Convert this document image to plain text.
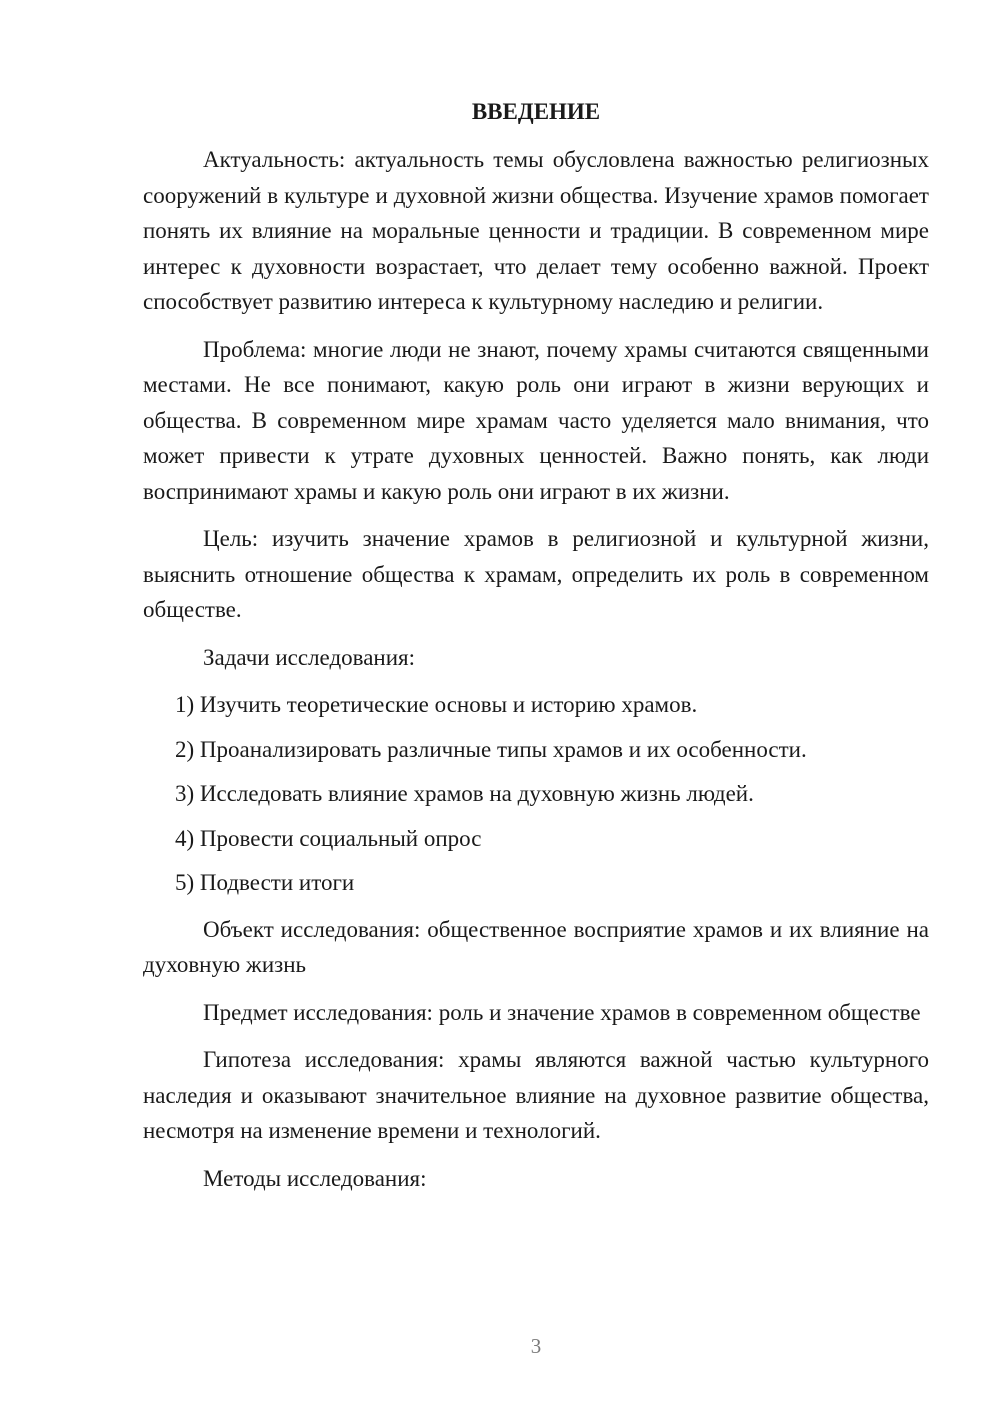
ВВЕДЕНИЕ

Актуальность: актуальность темы обусловлена важностью религиозных сооружений в культуре и духовной жизни общества. Изучение храмов помогает понять их влияние на моральные ценности и традиции. В современном мире интерес к духовности возрастает, что делает тему особенно важной. Проект способствует развитию интереса к культурному наследию и религии.

Проблема: многие люди не знают, почему храмы считаются священными местами. Не все понимают, какую роль они играют в жизни верующих и общества. В современном мире храмам часто уделяется мало внимания, что может привести к утрате духовных ценностей. Важно понять, как люди воспринимают храмы и какую роль они играют в их жизни.

Цель: изучить значение храмов в религиозной и культурной жизни, выяснить отношение общества к храмам, определить их роль в современном обществе.

Задачи исследования:

1) Изучить теоретические основы и историю храмов.

2) Проанализировать различные типы храмов и их особенности.

3) Исследовать влияние храмов на духовную жизнь людей.

4) Провести социальный опрос

5) Подвести итоги

Объект исследования: общественное восприятие храмов и их влияние на духовную жизнь

Предмет исследования: роль и значение храмов в современном обществе

Гипотеза исследования: храмы являются важной частью культурного наследия и оказывают значительное влияние на духовное развитие общества, несмотря на изменение времени и технологий.

Методы исследования:

3
